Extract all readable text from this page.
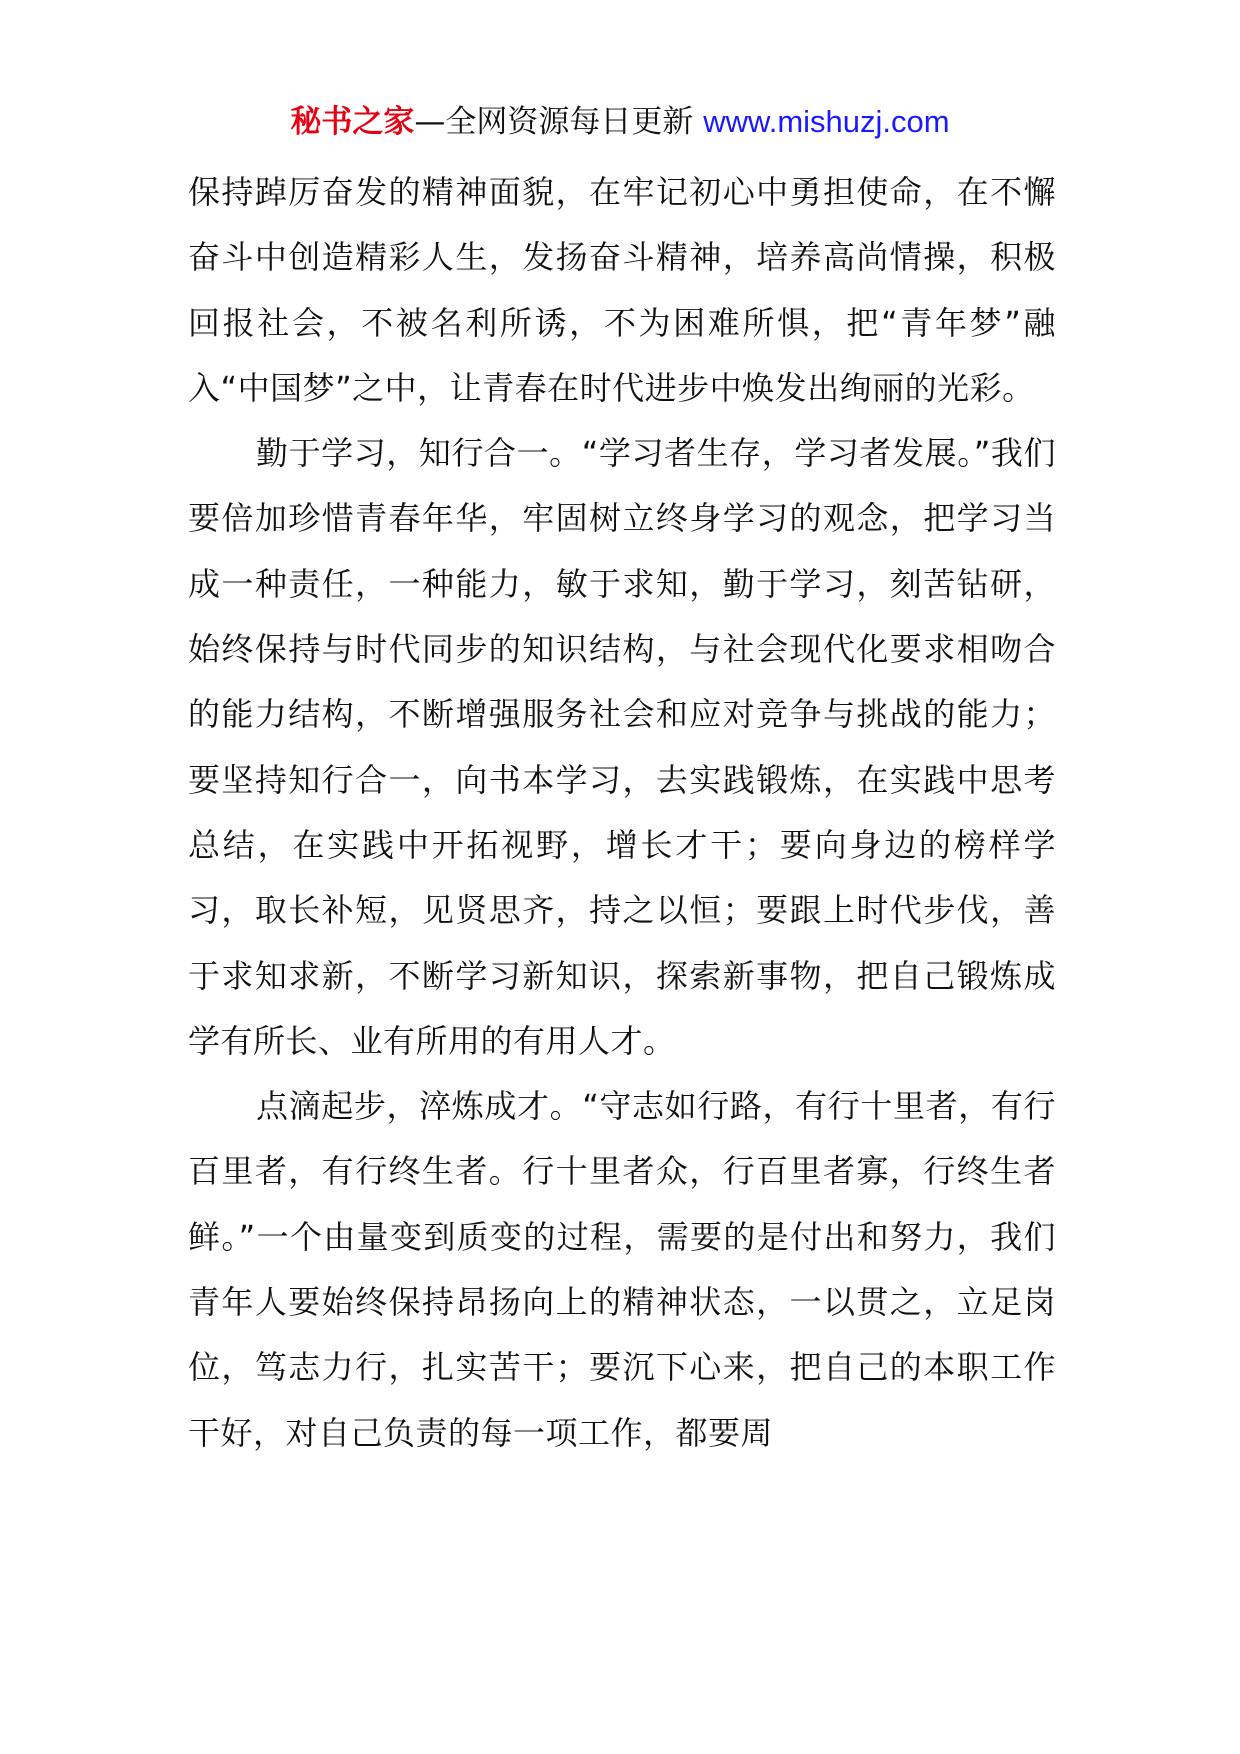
秘书之家—全网资源每日更新 www.mishuzj.com

保持踔厉奋发的精神面貌，在牢记初心中勇担使命，在不懈奋斗中创造精彩人生，发扬奋斗精神，培养高尚情操，积极回报社会，不被名利所诱，不为困难所惧，把“青年梦”融入“中国梦”之中，让青春在时代进步中焕发出绚丽的光彩。

勤于学习，知行合一。“学习者生存，学习者发展。”我们要倍加珍惜青春年华，牢固树立终身学习的观念，把学习当成一种责任，一种能力，敏于求知，勤于学习，刻苦钻研，始终保持与时代同步的知识结构，与社会现代化要求相吻合的能力结构，不断增强服务社会和应对竞争与挑战的能力；要坚持知行合一，向书本学习，去实践锻炼，在实践中思考总结，在实践中开拓视野，增长才干；要向身边的榜样学习，取长补短，见贤思齐，持之以恒；要跟上时代步伐，善于求知求新，不断学习新知识，探索新事物，把自己锻炼成学有所长、业有所用的有用人才。

点滴起步，淬炼成才。“守志如行路，有行十里者，有行百里者，有行终生者。行十里者众，行百里者寡，行终生者鲜。”一个由量变到质变的过程，需要的是付出和努力，我们青年人要始终保持昂扬向上的精神状态，一以贯之，立足岗位，笃志力行，扎实苦干；要沉下心来，把自己的本职工作干好，对自己负责的每一项工作，都要周
